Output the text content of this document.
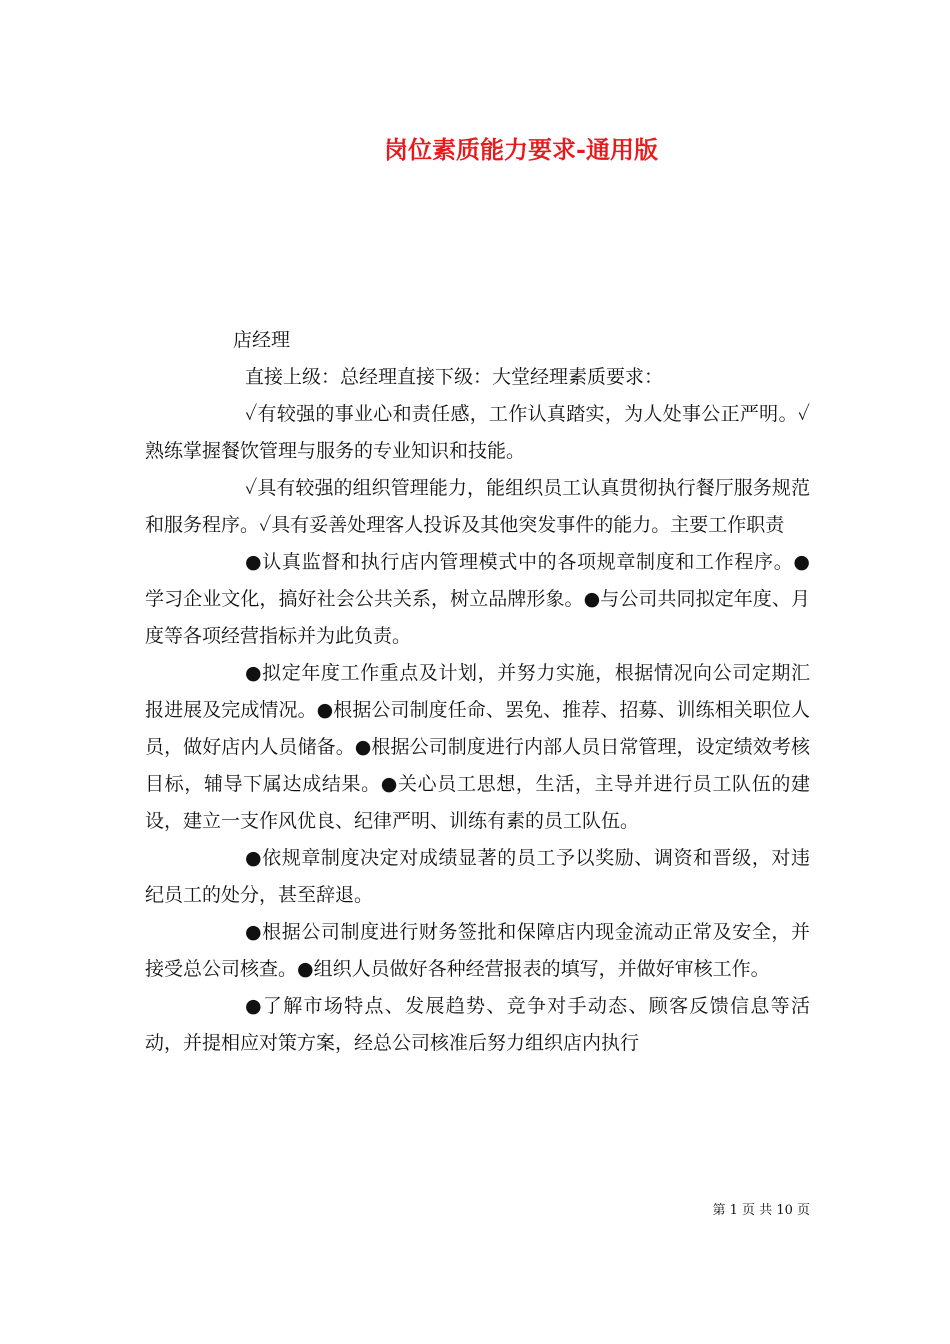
岗位素质能力要求-通用版

店经理

直接上级：总经理直接下级：大堂经理素质要求：

✓有较强的事业心和责任感，工作认真踏实，为人处事公正严明。✓熟练掌握餐饮管理与服务的专业知识和技能。

✓具有较强的组织管理能力，能组织员工认真贯彻执行餐厅服务规范和服务程序。✓具有妥善处理客人投诉及其他突发事件的能力。主要工作职责

●认真监督和执行店内管理模式中的各项规章制度和工作程序。●学习企业文化，搞好社会公共关系，树立品牌形象。●与公司共同拟定年度、月度等各项经营指标并为此负责。

●拟定年度工作重点及计划，并努力实施，根据情况向公司定期汇报进展及完成情况。●根据公司制度任命、罢免、推荐、招募、训练相关职位人员，做好店内人员储备。●根据公司制度进行内部人员日常管理，设定绩效考核目标，辅导下属达成结果。●关心员工思想，生活，主导并进行员工队伍的建设，建立一支作风优良、纪律严明、训练有素的员工队伍。

●依规章制度决定对成绩显著的员工予以奖励、调资和晋级，对违纪员工的处分，甚至辞退。

●根据公司制度进行财务签批和保障店内现金流动正常及安全，并接受总公司核查。●组织人员做好各种经营报表的填写，并做好审核工作。

●了解市场特点、发展趋势、竞争对手动态、顾客反馈信息等活动，并提相应对策方案，经总公司核准后努力组织店内执行

第 1 页 共 10 页
